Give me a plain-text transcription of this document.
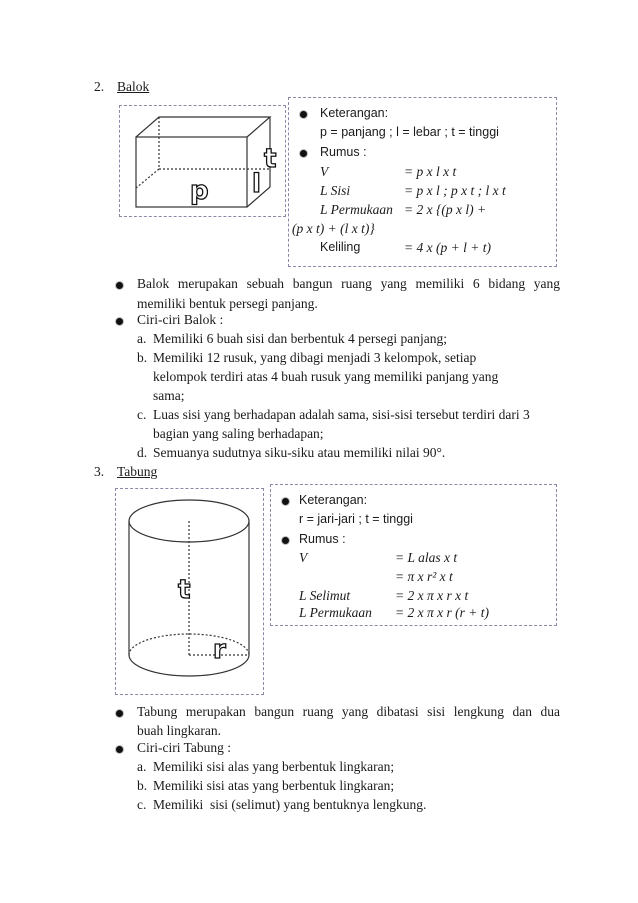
2. Balok
p l
t
Keterangan:
p = panjang ; l = lebar ; t = tinggi
Rumus :
V	= p x l x t
L Sisi	= p x l ; p x t ; l x t
L Permukaan = 2 x {(p x l) +
(p x t) + (l x t)}
Keliling	= 4 x (p + l + t)
Balok merupakan sebuah bangun ruang yang memiliki 6 bidang yang
memiliki bentuk persegi panjang.
Ciri-ciri Balok :
a. Memiliki 6 buah sisi dan berbentuk 4 persegi panjang;
b. Memiliki 12 rusuk, yang dibagi menjadi 3 kelompok, setiap
kelompok terdiri atas 4 buah rusuk yang memiliki panjang yang
sama;
c. Luas sisi yang berhadapan adalah sama, sisi-sisi tersebut terdiri dari 3
bagian yang saling berhadapan;
d. Semuanya sudutnya siku-siku atau memiliki nilai 90°.
3. Tabung
t
r
Keterangan:
r = jari-jari ; t = tinggi
Rumus :
V	= L alas x t
= π x r² x t
L Selimut	= 2 x π x r x t
L Permukaan = 2 x π x r (r + t)
Tabung merupakan bangun ruang yang dibatasi sisi lengkung dan dua
buah lingkaran.
Ciri-ciri Tabung :
a. Memiliki sisi alas yang berbentuk lingkaran;
b. Memiliki sisi atas yang berbentuk lingkaran;
c. Memiliki  sisi (selimut) yang bentuknya lengkung.
